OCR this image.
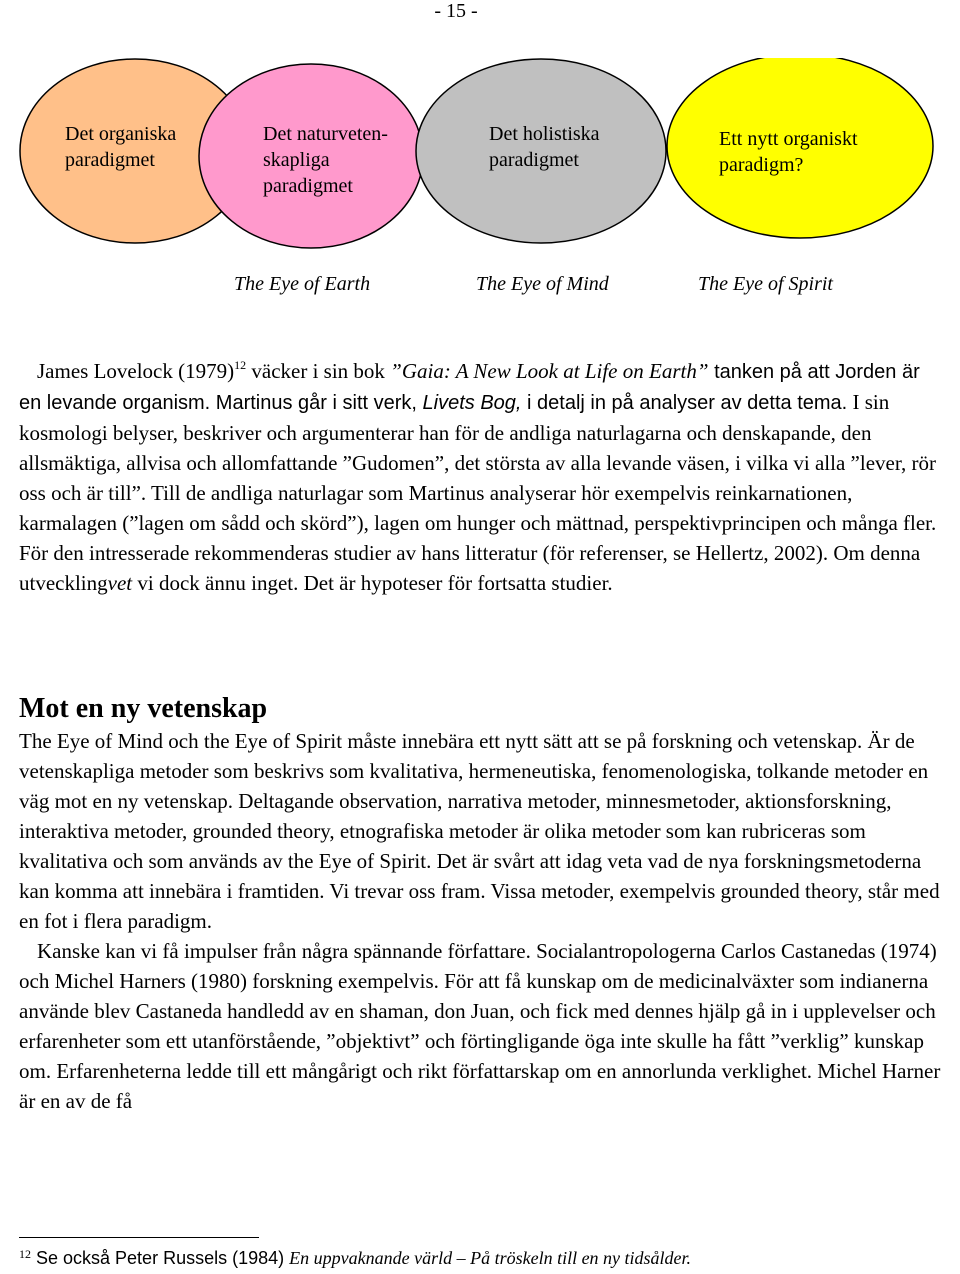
- 15 -
Det organiska
paradigmet
Det naturveten-
skapliga
paradigmet
Det holistiska
paradigmet
Ett nytt organiskt
paradigm?
The Eye of Earth	The Eye of Mind	The Eye of Spirit

James Lovelock $(1979)^{12}$ väcker i sin bok ”Gaia: A New Look at Life on Earth” tanken på att Jorden är en levande organism. Martinus går i sitt verk, Livets Bog, i detalj in på analyser av detta tema. I sin kosmologi belyser, beskriver och argumenterar han för de andliga naturlagarna och denskapande, den allsmäktiga, allvisa och allomfattande ”Gudomen”, det största av alla levande väsen, i vilka vi alla ”lever, rör oss och är till”. Till de andliga naturlagar som Martinus analyserar hör exempelvis reinkarnationen, karmalagen (”lagen om sådd och skörd”), lagen om hunger och mättnad, perspektivprincipen och många fler. För den intresserade rekommenderas studier av hans litteratur (för referenser, se Hellertz, 2002). Om denna utvecklingvet vi dock ännu inget. Det är hypoteser för fortsatta studier.

Mot en ny vetenskap

The Eye of Mind och the Eye of Spirit måste innebära ett nytt sätt att se på forskning och vetenskap. Är de vetenskapliga metoder som beskrivs som kvalitativa, hermeneutiska, fenomenologiska, tolkande metoder en väg mot en ny vetenskap. Deltagande observation, narrativa metoder, minnesmetoder, aktionsforskning, interaktiva metoder, grounded theory, etnografiska metoder är olika metoder som kan rubriceras som kvalitativa och som används av the Eye of Spirit. Det är svårt att idag veta vad de nya forskningsmetoderna kan komma att innebära i framtiden. Vi trevar oss fram. Vissa metoder, exempelvis grounded theory, står med en fot i flera paradigm.

Kanske kan vi få impulser från några spännande författare. Socialantropologerna Carlos Castanedas (1974) och Michel Harners (1980) forskning exempelvis. För att få kunskap om de medicinalväxter som indianerna använde blev Castaneda handledd av en shaman, don Juan, och fick med dennes hjälp gå in i upplevelser och erfarenheter som ett utanförstående, ”objektivt” och förtingligande öga inte skulle ha fått ”verklig” kunskap om. Erfarenheterna ledde till ett mångårigt och rikt författarskap om en annorlunda verklighet. Michel Harner är en av de få

$^{12}$ Se också Peter Russels (1984) En uppvaknande värld – På tröskeln till en ny tidsålder.
